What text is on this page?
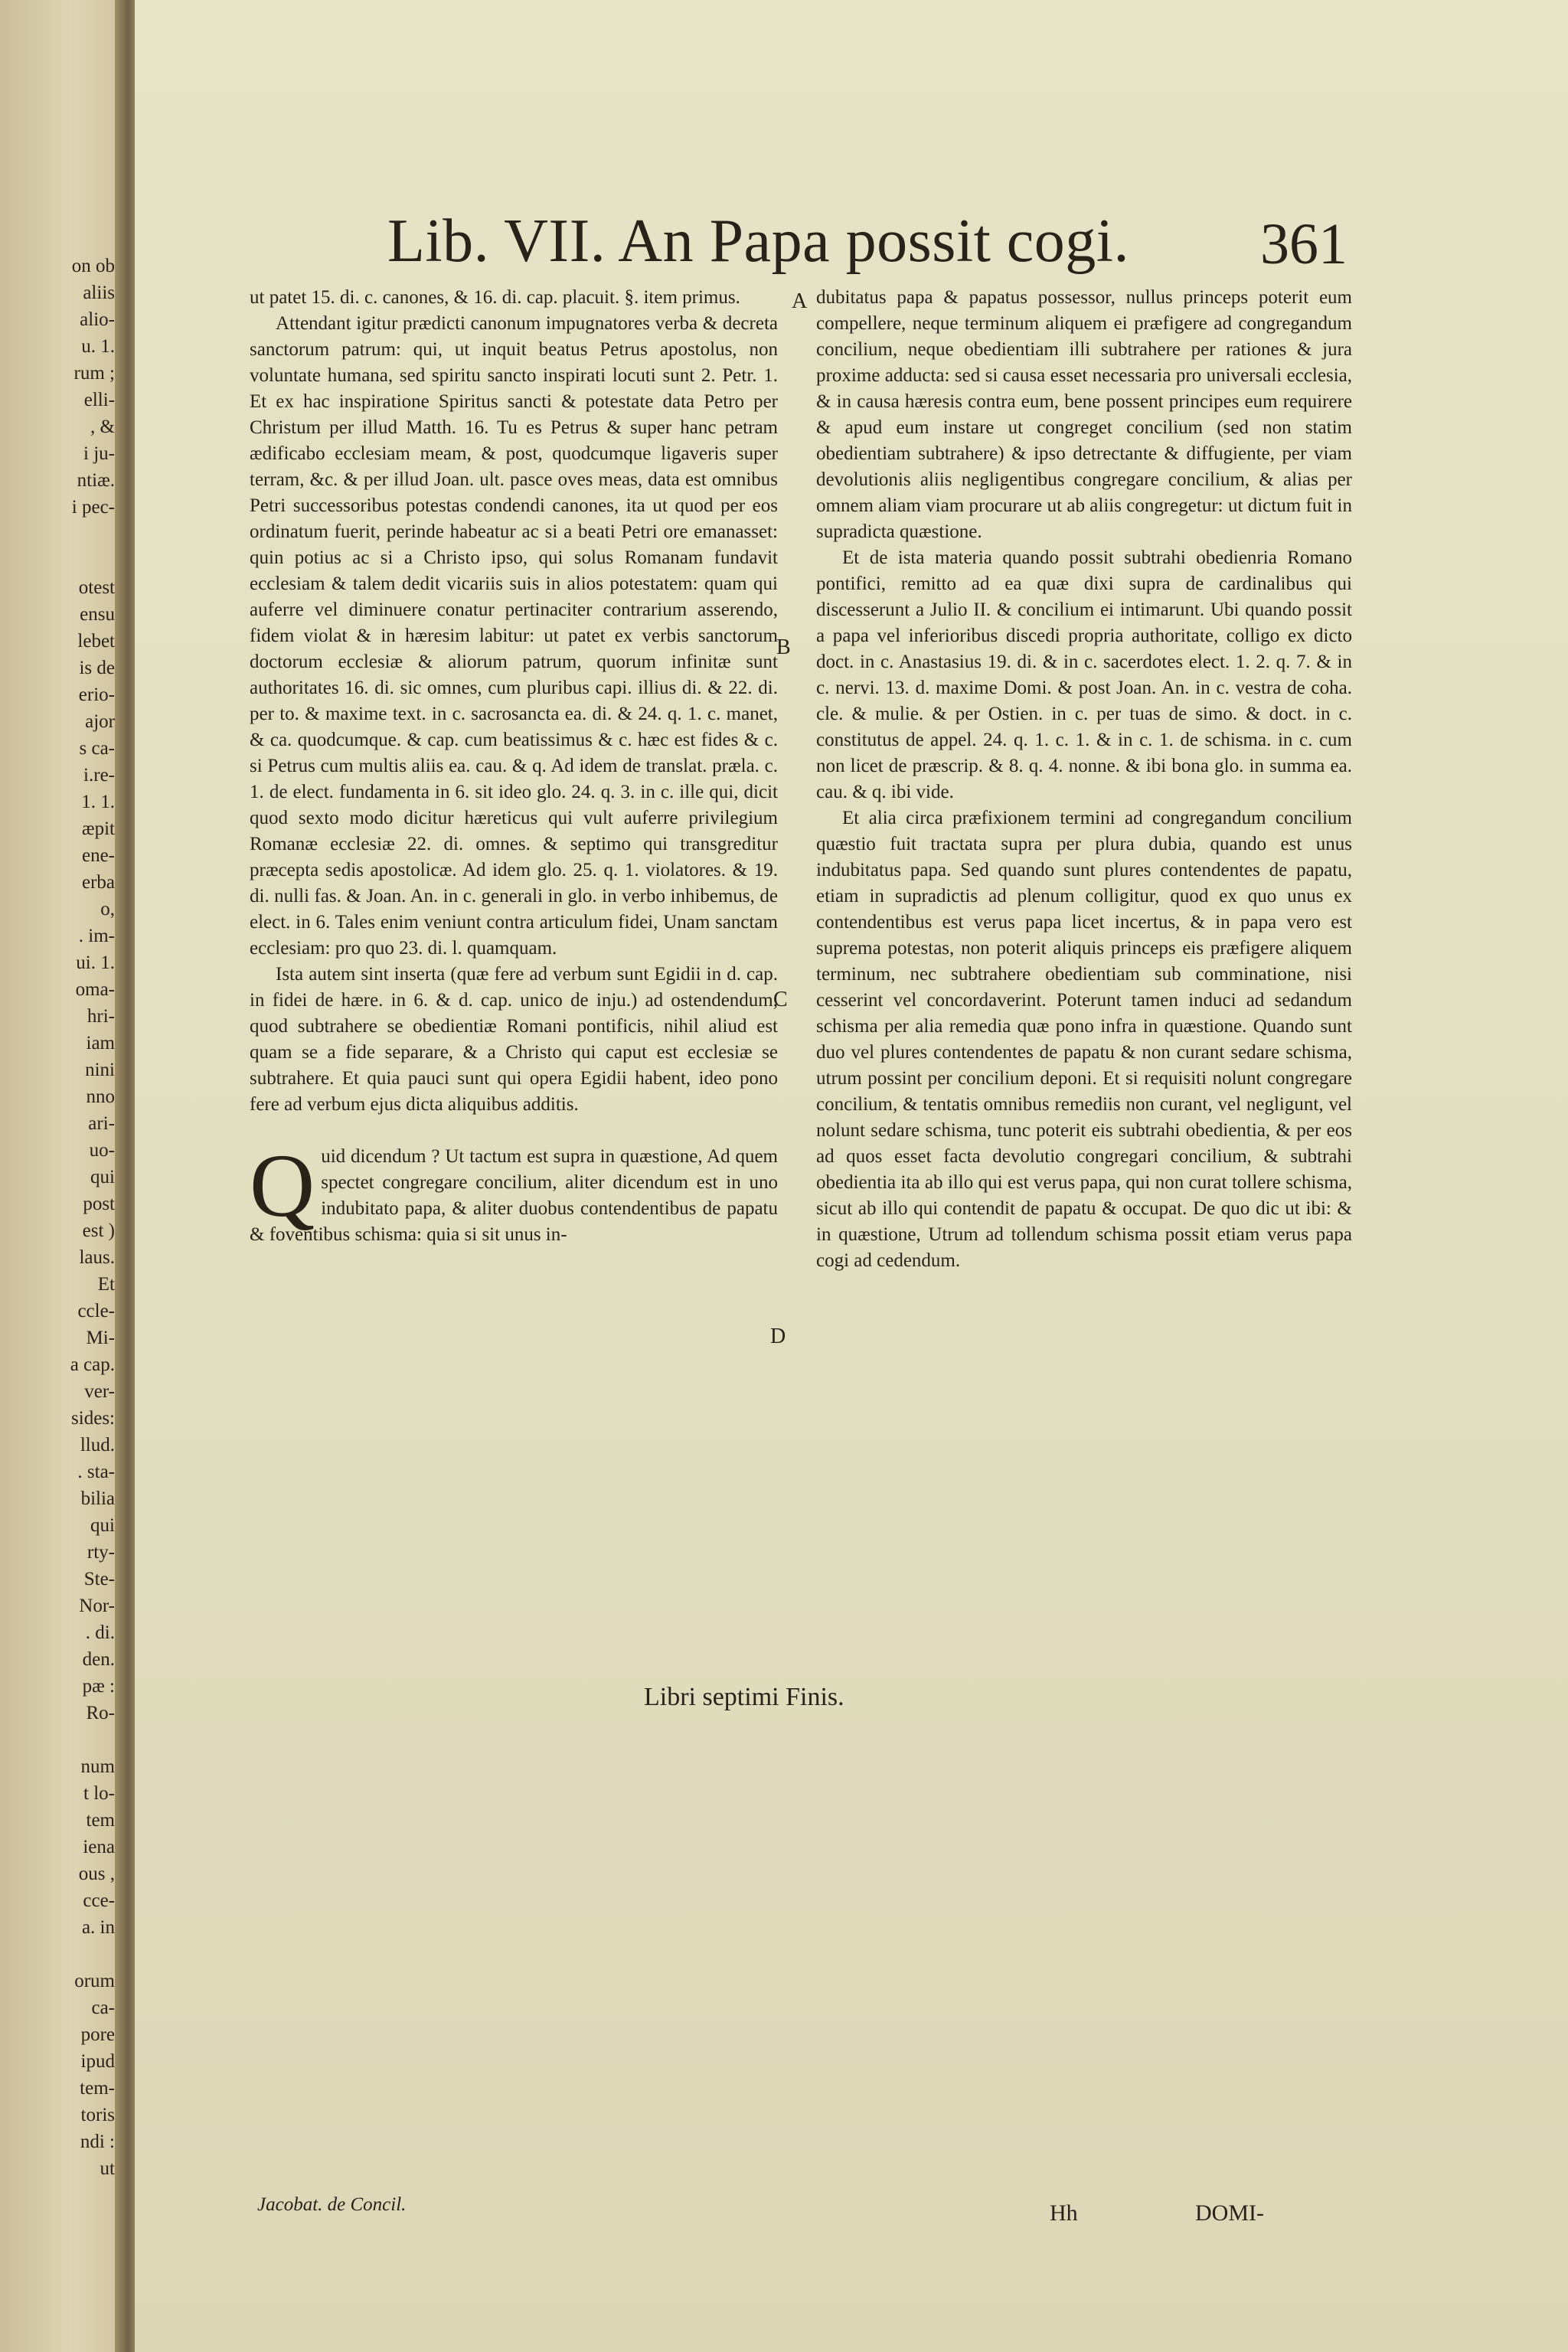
on ob
aliis
alio-
u. 1.
rum ;
elli-
, &
i ju-
ntiæ.
i pec-

otest
ensu
lebet
is de
erio-
ajor
s ca-
i.re-
1. 1.
æpit
ene-
erba
o,
. im-
ui. 1.
oma-
hri-
iam
nini
nno
ari-
uo-
qui
post
est )
laus.
Et
ccle-
Mi-
a cap.
ver-
sides:
llud.
. sta-
bilia
qui
rty-
Ste-
Nor-
. di.
den.
pæ :
Ro-

num
t lo-
tem
iena
ous ,
cce-
a. in

orum
ca-
pore
ipud
tem-
toris
ndi :
ut
Lib. VII. An Papa possit cogi. 361
A
B
C
D

ut patet 15. di. c. canones, & 16. di. cap. placuit. §. item primus.

Attendant igitur prædicti canonum impugnatores verba & decreta sanctorum patrum: qui, ut inquit beatus Petrus apostolus, non voluntate humana, sed spiritu sancto inspirati locuti sunt 2. Petr. 1. Et ex hac inspiratione Spiritus sancti & potestate data Petro per Christum per illud Matth. 16. Tu es Petrus & super hanc petram ædificabo ecclesiam meam, & post, quodcumque ligaveris super terram, &c. & per illud Joan. ult. pasce oves meas, data est omnibus Petri successoribus potestas condendi canones, ita ut quod per eos ordinatum fuerit, perinde habeatur ac si a beati Petri ore emanasset: quin potius ac si a Christo ipso, qui solus Romanam fundavit ecclesiam & talem dedit vicariis suis in alios potestatem: quam qui auferre vel diminuere conatur pertinaciter contrarium asserendo, fidem violat & in hæresim labitur: ut patet ex verbis sanctorum doctorum ecclesiæ & aliorum patrum, quorum infinitæ sunt authoritates 16. di. sic omnes, cum pluribus capi. illius di. & 22. di. per to. & maxime text. in c. sacrosancta ea. di. & 24. q. 1. c. manet, & ca. quodcumque. & cap. cum beatissimus & c. hæc est fides & c. si Petrus cum multis aliis ea. cau. & q. Ad idem de translat. præla. c. 1. de elect. fundamenta in 6. sit ideo glo. 24. q. 3. in c. ille qui, dicit quod sexto modo dicitur hæreticus qui vult auferre privilegium Romanæ ecclesiæ 22. di. omnes. & septimo qui transgreditur præcepta sedis apostolicæ. Ad idem glo. 25. q. 1. violatores. & 19. di. nulli fas. & Joan. An. in c. generali in glo. in verbo inhibemus, de elect. in 6. Tales enim veniunt contra articulum fidei, Unam sanctam ecclesiam: pro quo 23. di. l. quamquam.

Ista autem sint inserta (quæ fere ad verbum sunt Egidii in d. cap. in fidei de hære. in 6. & d. cap. unico de inju.) ad ostendendum, quod subtrahere se obedientiæ Romani pontificis, nihil aliud est quam se a fide separare, & a Christo qui caput est ecclesiæ se subtrahere. Et quia pauci sunt qui opera Egidii habent, ideo pono fere ad verbum ejus dicta aliquibus additis.

Quid dicendum ? Ut tactum est supra in quæstione, Ad quem spectet congregare concilium, aliter dicendum est in uno indubitato papa, & aliter duobus contendentibus de papatu & foventibus schisma: quia si sit unus in-

dubitatus papa & papatus possessor, nullus princeps poterit eum compellere, neque terminum aliquem ei præfigere ad congregandum concilium, neque obedientiam illi subtrahere per rationes & jura proxime adducta: sed si causa esset necessaria pro universali ecclesia, & in causa hæresis contra eum, bene possent principes eum requirere & apud eum instare ut congreget concilium (sed non statim obedientiam subtrahere) & ipso detrectante & diffugiente, per viam devolutionis aliis negligentibus congregare concilium, & alias per omnem aliam viam procurare ut ab aliis congregetur: ut dictum fuit in supradicta quæstione.

Et de ista materia quando possit subtrahi obedienria Romano pontifici, remitto ad ea quæ dixi supra de cardinalibus qui discesserunt a Julio II. & concilium ei intimarunt. Ubi quando possit a papa vel inferioribus discedi propria authoritate, colligo ex dicto doct. in c. Anastasius 19. di. & in c. sacerdotes elect. 1. 2. q. 7. & in c. nervi. 13. d. maxime Domi. & post Joan. An. in c. vestra de coha. cle. & mulie. & per Ostien. in c. per tuas de simo. & doct. in c. constitutus de appel. 24. q. 1. c. 1. & in c. 1. de schisma. in c. cum non licet de præscrip. & 8. q. 4. nonne. & ibi bona glo. in summa ea. cau. & q. ibi vide.

Et alia circa præfixionem termini ad congregandum concilium quæstio fuit tractata supra per plura dubia, quando est unus indubitatus papa. Sed quando sunt plures contendentes de papatu, etiam in supradictis ad plenum colligitur, quod ex quo unus ex contendentibus est verus papa licet incertus, & in papa vero est suprema potestas, non poterit aliquis princeps eis præfigere aliquem terminum, nec subtrahere obedientiam sub comminatione, nisi cesserint vel concordaverint. Poterunt tamen induci ad sedandum schisma per alia remedia quæ pono infra in quæstione. Quando sunt duo vel plures contendentes de papatu & non curant sedare schisma, utrum possint per concilium deponi. Et si requisiti nolunt congregare concilium, & tentatis omnibus remediis non curant, vel negligunt, vel nolunt sedare schisma, tunc poterit eis subtrahi obedientia, & per eos ad quos esset facta devolutio congregari concilium, & subtrahi obedientia ita ab illo qui est verus papa, qui non curat tollere schisma, sicut ab illo qui contendit de papatu & occupat. De quo dic ut ibi: & in quæstione, Utrum ad tollendum schisma possit etiam verus papa cogi ad cedendum.

Libri septimi Finis.
Jacobat. de Concil.	Hh	DOMI-
